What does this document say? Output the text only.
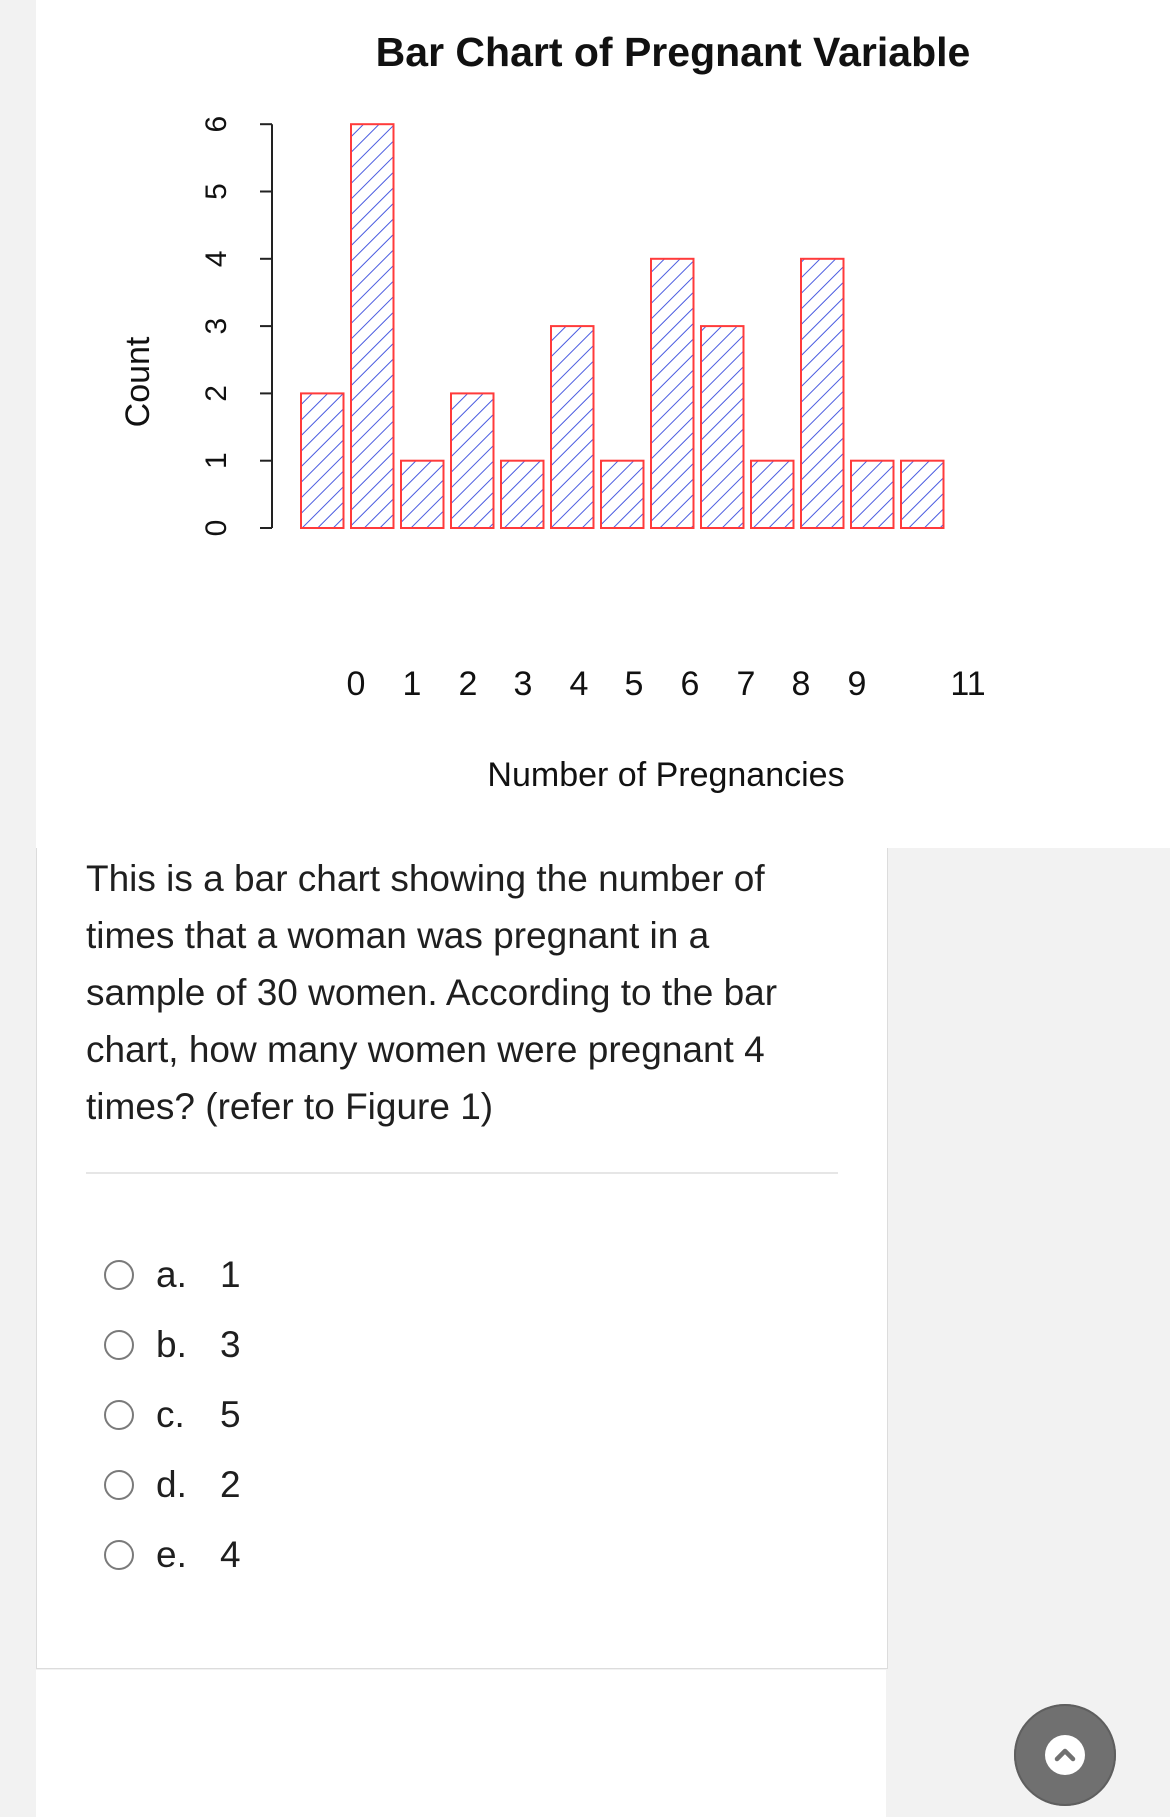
Bar Chart of Pregnant Variable
Count
Number of Pregnancies
0
1
2
3
4
5
6
0 1 2 3 4 5 6 7 8 9 11
This is a bar chart showing the number of
times that a woman was pregnant in a
sample of 30 women. According to the bar
chart, how many women were pregnant 4
times? (refer to Figure 1)
a. 1
b. 3
c. 5
d. 2
e. 4
